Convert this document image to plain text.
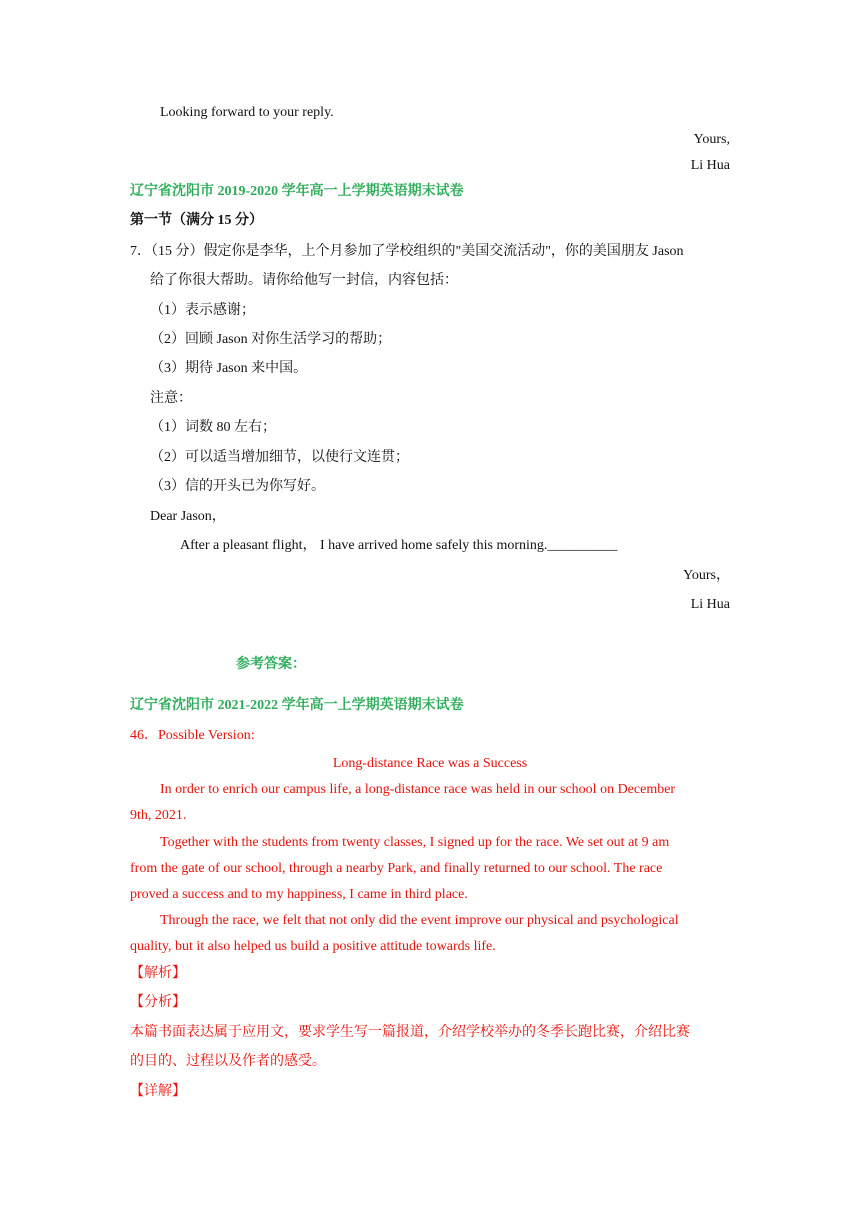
Looking forward to your reply.
Yours,
Li Hua
辽宁省沈阳市 2019-2020 学年高一上学期英语期末试卷
第一节（满分 15 分）
7．（15 分）假定你是李华，上个月参加了学校组织的"美国交流活动"，你的美国朋友 Jason
给了你很大帮助。请你给他写一封信，内容包括：
（1）表示感谢；
（2）回顾 Jason 对你生活学习的帮助；
（3）期待 Jason 来中国。
注意：
（1）词数 80 左右；
（2）可以适当增加细节，以使行文连贯；
（3）信的开头已为你写好。
Dear Jason，
After a pleasant flight， I have arrived home safely this morning.__________
Yours，
Li Hua
参考答案：
辽宁省沈阳市 2021-2022 学年高一上学期英语期末试卷
46．Possible Version:
Long-distance Race was a Success
In order to enrich our campus life, a long-distance race was held in our school on December
9th, 2021.
Together with the students from twenty classes, I signed up for the race. We set out at 9 am
from the gate of our school, through a nearby Park, and finally returned to our school. The race
proved a success and to my happiness, I came in third place.
Through the race, we felt that not only did the event improve our physical and psychological
quality, but it also helped us build a positive attitude towards life.
【解析】
【分析】
本篇书面表达属于应用文，要求学生写一篇报道，介绍学校举办的冬季长跑比赛，介绍比赛
的目的、过程以及作者的感受。
【详解】
